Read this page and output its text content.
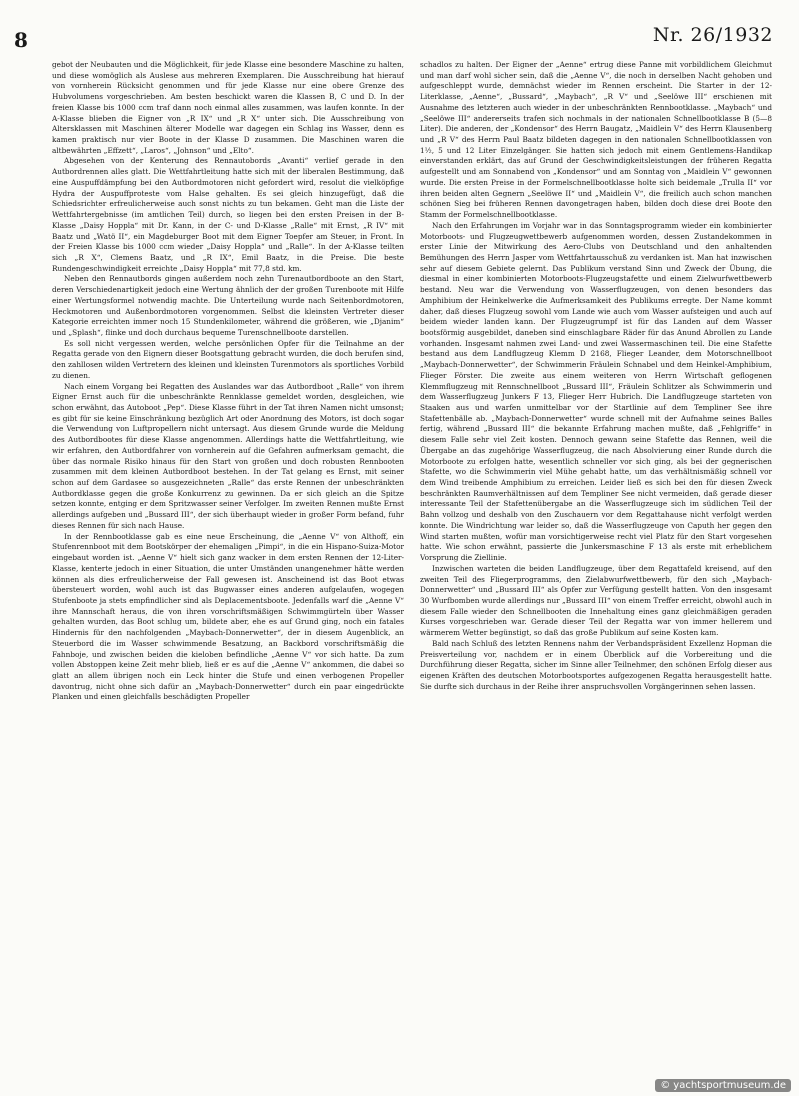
8	Nr. 26/1932

gebot der Neubauten und die Möglichkeit, für jede Klasse eine besondere Maschine zu halten, und diese womöglich als Auslese aus mehreren Exemplaren. Die Ausschreibung hat hierauf von vornherein Rücksicht genommen und für jede Klasse nur eine obere Grenze des Hubvolumens vorgeschrieben. Am besten beschickt waren die Klassen B, C und D. In der freien Klasse bis 1000 ccm traf dann noch einmal alles zusammen, was laufen konnte. In der A-Klasse blieben die Eigner von „R IX“ und „R X“ unter sich. Die Ausschreibung von Altersklassen mit Maschinen älterer Modelle war dagegen ein Schlag ins Wasser, denn es kamen praktisch nur vier Boote in der Klasse D zusammen. Die Maschinen waren die altbewährten „Effzett“, „Laros“, „Johnson“ und „Elto“.

Abgesehen von der Kenterung des Rennautobords „Avanti“ verlief gerade in den Autbordrennen alles glatt. Die Wettfahrtleitung hatte sich mit der liberalen Bestimmung, daß eine Auspuffdämpfung bei den Autbordmotoren nicht gefordert wird, resolut die vielköpfige Hydra der Auspuffproteste vom Halse gehalten. Es sei gleich hinzugefügt, daß die Schiedsrichter erfreulicherweise auch sonst nichts zu tun bekamen. Geht man die Liste der Wettfahrtergebnisse (im amtlichen Teil) durch, so liegen bei den ersten Preisen in der B-Klasse „Daisy Hoppla“ mit Dr. Kann, in der C- und D-Klasse „Ralle“ mit Ernst, „R IV“ mit Baatz und „Watö II“, ein Magdeburger Boot mit dem Eigner Toepfer am Steuer, in Front. In der Freien Klasse bis 1000 ccm wieder „Daisy Hoppla“ und „Ralle“. In der A-Klasse teilten sich „R X“, Clemens Baatz, und „R IX“, Emil Baatz, in die Preise. Die beste Rundengeschwindigkeit erreichte „Daisy Hoppla“ mit 77,8 std. km.

Neben den Rennautbords gingen außerdem noch zehn Turenautbordboote an den Start, deren Verschiedenartigkeit jedoch eine Wertung ähnlich der der großen Turenboote mit Hilfe einer Wertungsformel notwendig machte. Die Unterteilung wurde nach Seitenbordmotoren, Heckmotoren und Außenbordmotoren vorgenommen. Selbst die kleinsten Vertreter dieser Kategorie erreichten immer noch 15 Stundenkilometer, während die größeren, wie „Djanim“ und „Splash“, flinke und doch durchaus bequeme Turenschnellboote darstellen.

Es soll nicht vergessen werden, welche persönlichen Opfer für die Teilnahme an der Regatta gerade von den Eignern dieser Bootsgattung gebracht wurden, die doch berufen sind, den zahllosen wilden Vertretern des kleinen und kleinsten Turenmotors als sportliches Vorbild zu dienen.

Nach einem Vorgang bei Regatten des Auslandes war das Autbordboot „Ralle“ von ihrem Eigner Ernst auch für die unbeschränkte Rennklasse gemeldet worden, desgleichen, wie schon erwähnt, das Autoboot „Pep“. Diese Klasse führt in der Tat ihren Namen nicht umsonst; es gibt für sie keine Einschränkung bezüglich Art oder Anordnung des Motors, ist doch sogar die Verwendung von Luftpropellern nicht untersagt. Aus diesem Grunde wurde die Meldung des Autbordbootes für diese Klasse angenommen. Allerdings hatte die Wettfahrtleitung, wie wir erfahren, den Autbordfahrer von vornherein auf die Gefahren aufmerksam gemacht, die über das normale Risiko hinaus für den Start von großen und doch robusten Rennbooten zusammen mit dem kleinen Autbordboot bestehen. In der Tat gelang es Ernst, mit seiner schon auf dem Gardasee so ausgezeichneten „Ralle“ das erste Rennen der unbeschränkten Autbordklasse gegen die große Konkurrenz zu gewinnen. Da er sich gleich an die Spitze setzen konnte, entging er dem Spritzwasser seiner Verfolger. Im zweiten Rennen mußte Ernst allerdings aufgeben und „Bussard III“, der sich überhaupt wieder in großer Form befand, fuhr dieses Rennen für sich nach Hause.

In der Rennbootklasse gab es eine neue Erscheinung, die „Aenne V“ von Althoff, ein Stufenrennboot mit dem Bootskörper der ehemaligen „Pimpi“, in die ein Hispano-Suiza-Motor eingebaut worden ist. „Aenne V“ hielt sich ganz wacker in dem ersten Rennen der 12-Liter-Klasse, kenterte jedoch in einer Situation, die unter Umständen unangenehmer hätte werden können als dies erfreulicherweise der Fall gewesen ist. Anscheinend ist das Boot etwas übersteuert worden, wohl auch ist das Bugwasser eines anderen aufgelaufen, wogegen Stufenboote ja stets empfindlicher sind als Deplacementsboote. Jedenfalls warf die „Aenne V“ ihre Mannschaft heraus, die von ihren vorschriftsmäßigen Schwimmgürteln über Wasser gehalten wurden, das Boot schlug um, bildete aber, ehe es auf Grund ging, noch ein fatales Hindernis für den nachfolgenden „Maybach-Donnerwetter“, der in diesem Augenblick, an Steuerbord die im Wasser schwimmende Besatzung, an Backbord vorschriftsmäßig die Fahnboje, und zwischen beiden die kieloben befindliche „Aenne V“ vor sich hatte. Da zum vollen Abstoppen keine Zeit mehr blieb, ließ er es auf die „Aenne V“ ankommen, die dabei so glatt an allem übrigen noch ein Leck hinter die Stufe und einen verbogenen Propeller davontrug, nicht ohne sich dafür an „Maybach-Donnerwetter“ durch ein paar eingedrückte Planken und einen gleichfalls beschädigten Propeller

schadlos zu halten. Der Eigner der „Aenne“ ertrug diese Panne mit vorbildlichem Gleichmut und man darf wohl sicher sein, daß die „Aenne V“, die noch in derselben Nacht gehoben und aufgeschleppt wurde, demnächst wieder im Rennen erscheint. Die Starter in der 12-Literklasse, „Aenne“, „Bussard“, „Maybach“, „R V“ und „Seelöwe III“ erschienen mit Ausnahme des letzteren auch wieder in der unbeschränkten Rennbootklasse. „Maybach“ und „Seelöwe III“ andererseits trafen sich nochmals in der nationalen Schnellbootklasse B (5—8 Liter). Die anderen, der „Kondensor“ des Herrn Baugatz, „Maidlein V“ des Herrn Klausenberg und „R V“ des Herrn Paul Baatz bildeten dagegen in den nationalen Schnellbootklassen von 1½, 5 und 12 Liter Einzelgänger. Sie hatten sich jedoch mit einem Gentlemens-Handikap einverstanden erklärt, das auf Grund der Geschwindigkeitsleistungen der früheren Regatta aufgestellt und am Sonnabend von „Kondensor“ und am Sonntag von „Maidlein V“ gewonnen wurde. Die ersten Preise in der Formelschnellbootklasse holte sich beidemale „Trulla II“ vor ihren beiden alten Gegnern „Seelöwe II“ und „Maidlein V“, die freilich auch schon manchen schönen Sieg bei früheren Rennen davongetragen haben, bilden doch diese drei Boote den Stamm der Formelschnellbootklasse.

Nach den Erfahrungen im Vorjahr war in das Sonntagsprogramm wieder ein kombinierter Motorboots- und Flugzeugwettbewerb aufgenommen worden, dessen Zustandekommen in erster Linie der Mitwirkung des Aero-Clubs von Deutschland und den anhaltenden Bemühungen des Herrn Jasper vom Wettfahrtausschuß zu verdanken ist. Man hat inzwischen sehr auf diesem Gebiete gelernt. Das Publikum verstand Sinn und Zweck der Übung, die diesmal in einer kombinierten Motorboots-Flugzeugstafette und einem Zielwurfwettbewerb bestand. Neu war die Verwendung von Wasserflugzeugen, von denen besonders das Amphibium der Heinkelwerke die Aufmerksamkeit des Publikums erregte. Der Name kommt daher, daß dieses Flugzeug sowohl vom Lande wie auch vom Wasser aufsteigen und auch auf beidem wieder landen kann. Der Flugzeugrumpf ist für das Landen auf dem Wasser bootsförmig ausgebildet, daneben sind einschlagbare Räder für das Anund Abrollen zu Lande vorhanden. Insgesamt nahmen zwei Land- und zwei Wassermaschinen teil. Die eine Stafette bestand aus dem Landflugzeug Klemm D 2168, Flieger Leander, dem Motorschnellboot „Maybach-Donnerwetter“, der Schwimmerin Fräulein Schnabel und dem Heinkel-Amphibium, Flieger Förster. Die zweite aus einem weiteren von Herrn Wirtschaft geflogenen Klemmflugzeug mit Rennschnellboot „Bussard III“, Fräulein Schlitzer als Schwimmerin und dem Wasserflugzeug Junkers F 13, Flieger Herr Hubrich. Die Landflugzeuge starteten von Staaken aus und warfen unmittelbar vor der Startlinie auf dem Templiner See ihre Stafettenbälle ab. „Maybach-Donnerwetter“ wurde schnell mit der Aufnahme seines Balles fertig, während „Bussard III“ die bekannte Erfahrung machen mußte, daß „Fehlgriffe“ in diesem Falle sehr viel Zeit kosten. Dennoch gewann seine Stafette das Rennen, weil die Übergabe an das zugehörige Wasserflugzeug, die nach Absolvierung einer Runde durch die Motorboote zu erfolgen hatte, wesentlich schneller vor sich ging, als bei der gegnerischen Stafette, wo die Schwimmerin viel Mühe gehabt hatte, um das verhältnismäßig schnell vor dem Wind treibende Amphibium zu erreichen. Leider ließ es sich bei den für diesen Zweck beschränkten Raumverhältnissen auf dem Templiner See nicht vermeiden, daß gerade dieser interessante Teil der Stafettenübergabe an die Wasserflugzeuge sich im südlichen Teil der Bahn vollzog und deshalb von den Zuschauern vor dem Regattahause nicht verfolgt werden konnte. Die Windrichtung war leider so, daß die Wasserflugzeuge von Caputh her gegen den Wind starten mußten, wofür man vorsichtigerweise recht viel Platz für den Start vorgesehen hatte. Wie schon erwähnt, passierte die Junkersmaschine F 13 als erste mit erheblichem Vorsprung die Ziellinie.

Inzwischen warteten die beiden Landflugzeuge, über dem Regattafeld kreisend, auf den zweiten Teil des Fliegerprogramms, den Zielabwurfwettbewerb, für den sich „Maybach-Donnerwetter“ und „Bussard III“ als Opfer zur Verfügung gestellt hatten. Von den insgesamt 30 Wurfbomben wurde allerdings nur „Bussard III“ von einem Treffer erreicht, obwohl auch in diesem Falle wieder den Schnellbooten die Innehaltung eines ganz gleichmäßigen geraden Kurses vorgeschrieben war. Gerade dieser Teil der Regatta war von immer hellerem und wärmerem Wetter begünstigt, so daß das große Publikum auf seine Kosten kam.

Bald nach Schluß des letzten Rennens nahm der Verbandspräsident Exzellenz Hopman die Preisverteilung vor, nachdem er in einem Überblick auf die Vorbereitung und die Durchführung dieser Regatta, sicher im Sinne aller Teilnehmer, den schönen Erfolg dieser aus eigenen Kräften des deutschen Motorbootsportes aufgezogenen Regatta herausgestellt hatte. Sie durfte sich durchaus in der Reihe ihrer anspruchsvollen Vorgängerinnen sehen lassen.

© yachtsportmuseum.de
